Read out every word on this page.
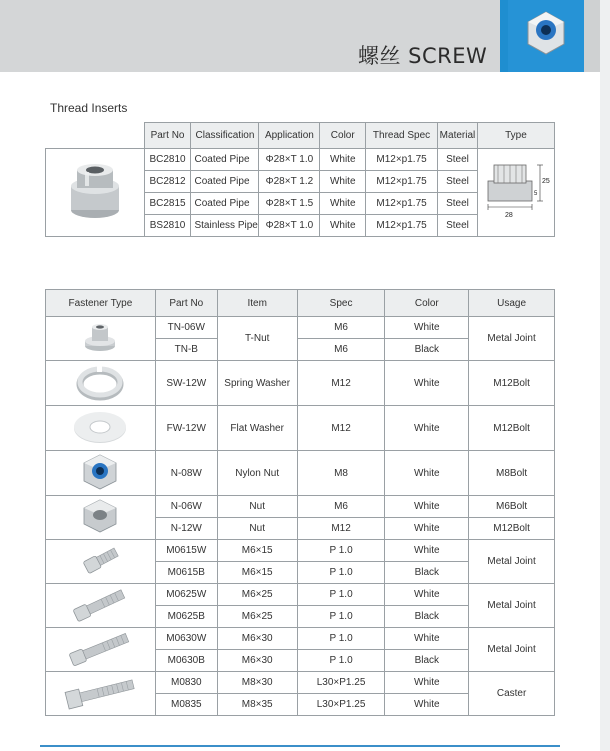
螺丝 SCREW
Thread Inserts
	Part No	Classification	Application	Color	Thread Spec	Material	Type
	BC2810	Coated Pipe	Φ28×T 1.0	White	M12×p1.75	Steel	28
25
5

	BC2812	Coated Pipe	Φ28×T 1.2	White	M12×p1.75	Steel	
	BC2815	Coated Pipe	Φ28×T 1.5	White	M12×p1.75	Steel	
	BS2810	Stainless Pipe	Φ28×T 1.0	White	M12×p1.75	Steel	
Fastener Type	Part No	Item	Spec	Color	Usage
	TN-06W	T-Nut	M6	White	Metal Joint
	TN-B		M6	Black	
	SW-12W	Spring Washer	M12	White	M12Bolt
	FW-12W	Flat Washer	M12	White	M12Bolt
	N-08W	Nylon Nut	M8	White	M8Bolt
	N-06W	Nut	M6	White	M6Bolt
	N-12W	Nut	M12	White	M12Bolt
	M0615W	M6×15	P 1.0	White	Metal Joint
	M0615B	M6×15	P 1.0	Black	
	M0625W	M6×25	P 1.0	White	Metal Joint
	M0625B	M6×25	P 1.0	Black	
	M0630W	M6×30	P 1.0	White	Metal Joint
	M0630B	M6×30	P 1.0	Black	
	M0830	M8×30	L30×P1.25	White	Caster
	M0835	M8×35	L30×P1.25	White	
